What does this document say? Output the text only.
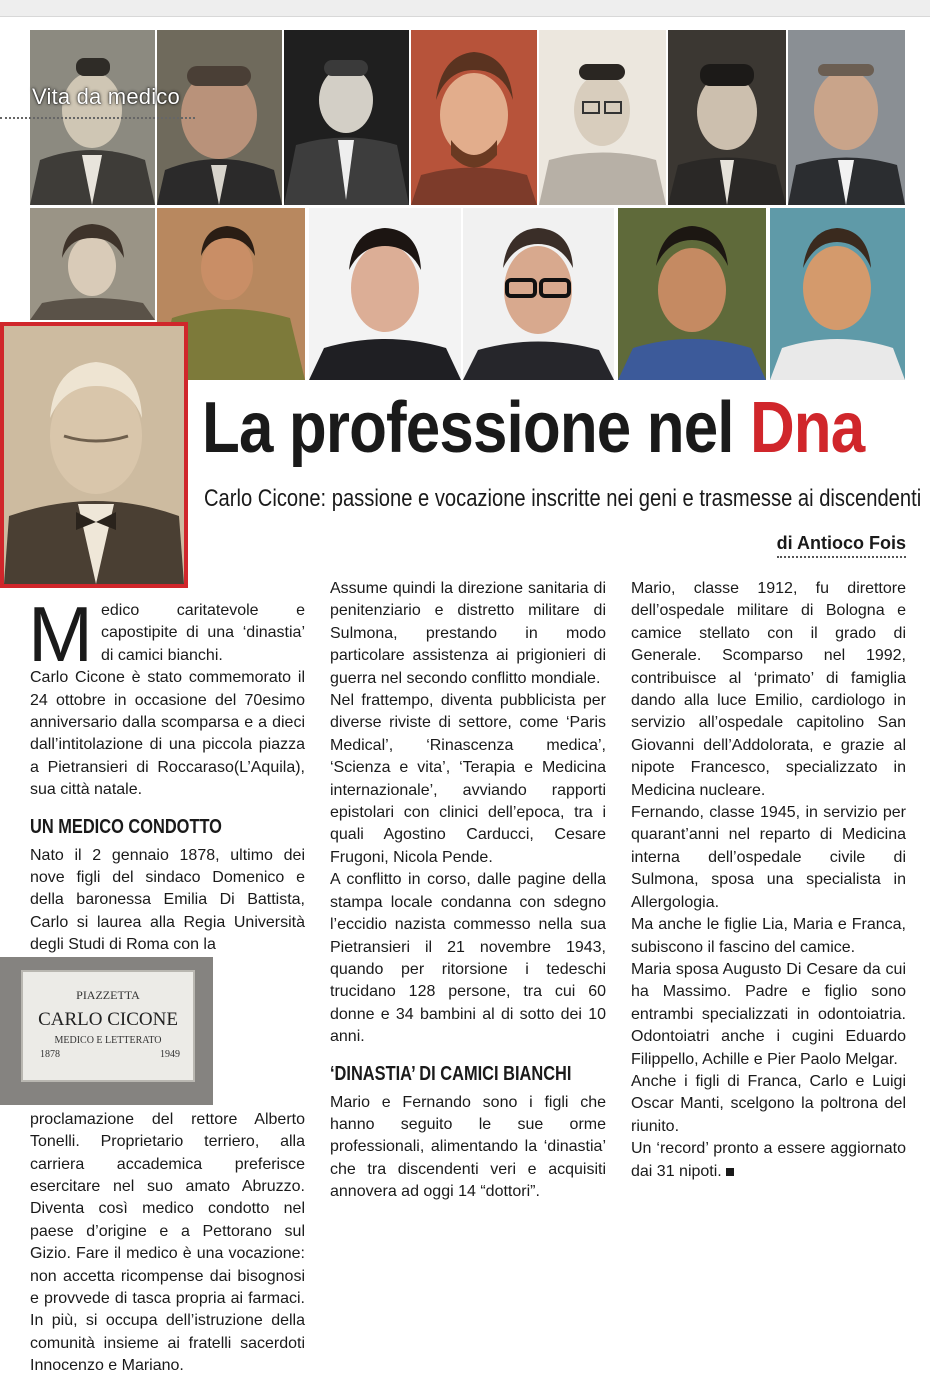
Vita da medico
La professione nel Dna
Carlo Cicone: passione e vocazione inscritte nei geni e trasmesse ai discendenti
di Antioco Fois

Medico caritatevole e capostipite di una ‘dinastia’ di camici bianchi.

Carlo Cicone è stato commemorato il 24 ottobre in occasione del 70esimo anniversario dalla scomparsa e a dieci dall’intitolazione di una piccola piazza a Pietransieri di Roccaraso(L’Aquila), sua città natale.

UN MEDICO CONDOTTO

Nato il 2 gennaio 1878, ultimo dei nove figli del sindaco Domenico e della baronessa Emilia Di Battista, Carlo si laurea alla Regia Università degli Studi di Roma con la

PIAZZETTA
CARLO CICONE
MEDICO E LETTERATO
1878	1949
proclamazione del rettore Alberto Tonelli. Proprietario terriero, alla carriera accademica preferisce esercitare nel suo amato Abruzzo. Diventa così medico condotto nel paese d’origine e a Pettorano sul Gizio. Fare il medico è una vocazione: non accetta ricompense dai bisognosi e provvede di tasca propria ai farmaci. In più, si occupa dell’istruzione della comunità insieme ai fratelli sacerdoti Innocenzo e Mariano.

Assume quindi la direzione sanitaria di penitenziario e distretto militare di Sulmona, prestando in modo particolare assistenza ai prigionieri di guerra nel secondo conflitto mondiale.

Nel frattempo, diventa pubblicista per diverse riviste di settore, come ‘Paris Medical’, ‘Rinascenza medica’, ‘Scienza e vita’, ‘Terapia e Medicina internazionale’, avviando rapporti epistolari con clinici dell’epoca, tra i quali Agostino Carducci, Cesare Frugoni, Nicola Pende.

A conflitto in corso, dalle pagine della stampa locale condanna con sdegno l’eccidio nazista commesso nella sua Pietransieri il 21 novembre 1943, quando per ritorsione i tedeschi trucidano 128 persone, tra cui 60 donne e 34 bambini al di sotto dei 10 anni.

‘DINASTIA’ DI CAMICI BIANCHI

Mario e Fernando sono i figli che hanno seguito le sue orme professionali, alimentando la ‘dinastia’ che tra discendenti veri e acquisiti annovera ad oggi 14 “dottori”.

Mario, classe 1912, fu direttore dell’ospedale militare di Bologna e camice stellato con il grado di Generale. Scomparso nel 1992, contribuisce al ‘primato’ di famiglia dando alla luce Emilio, cardiologo in servizio all’ospedale capitolino San Giovanni dell’Addolorata, e grazie al nipote Francesco, specializzato in Medicina nucleare.

Fernando, classe 1945, in servizio per quarant’anni nel reparto di Medicina interna dell’ospedale civile di Sulmona, sposa una specialista in Allergologia.

Ma anche le figlie Lia, Maria e Franca, subiscono il fascino del camice.

Maria sposa Augusto Di Cesare da cui ha Massimo. Padre e figlio sono entrambi specializzati in odontoiatria. Odontoiatri anche i cugini Eduardo Filippello, Achille e Pier Paolo Melgar.

Anche i figli di Franca, Carlo e Luigi Oscar Manti, scelgono la poltrona del riunito.

Un ‘record’ pronto a essere aggiornato dai 31 nipoti.
